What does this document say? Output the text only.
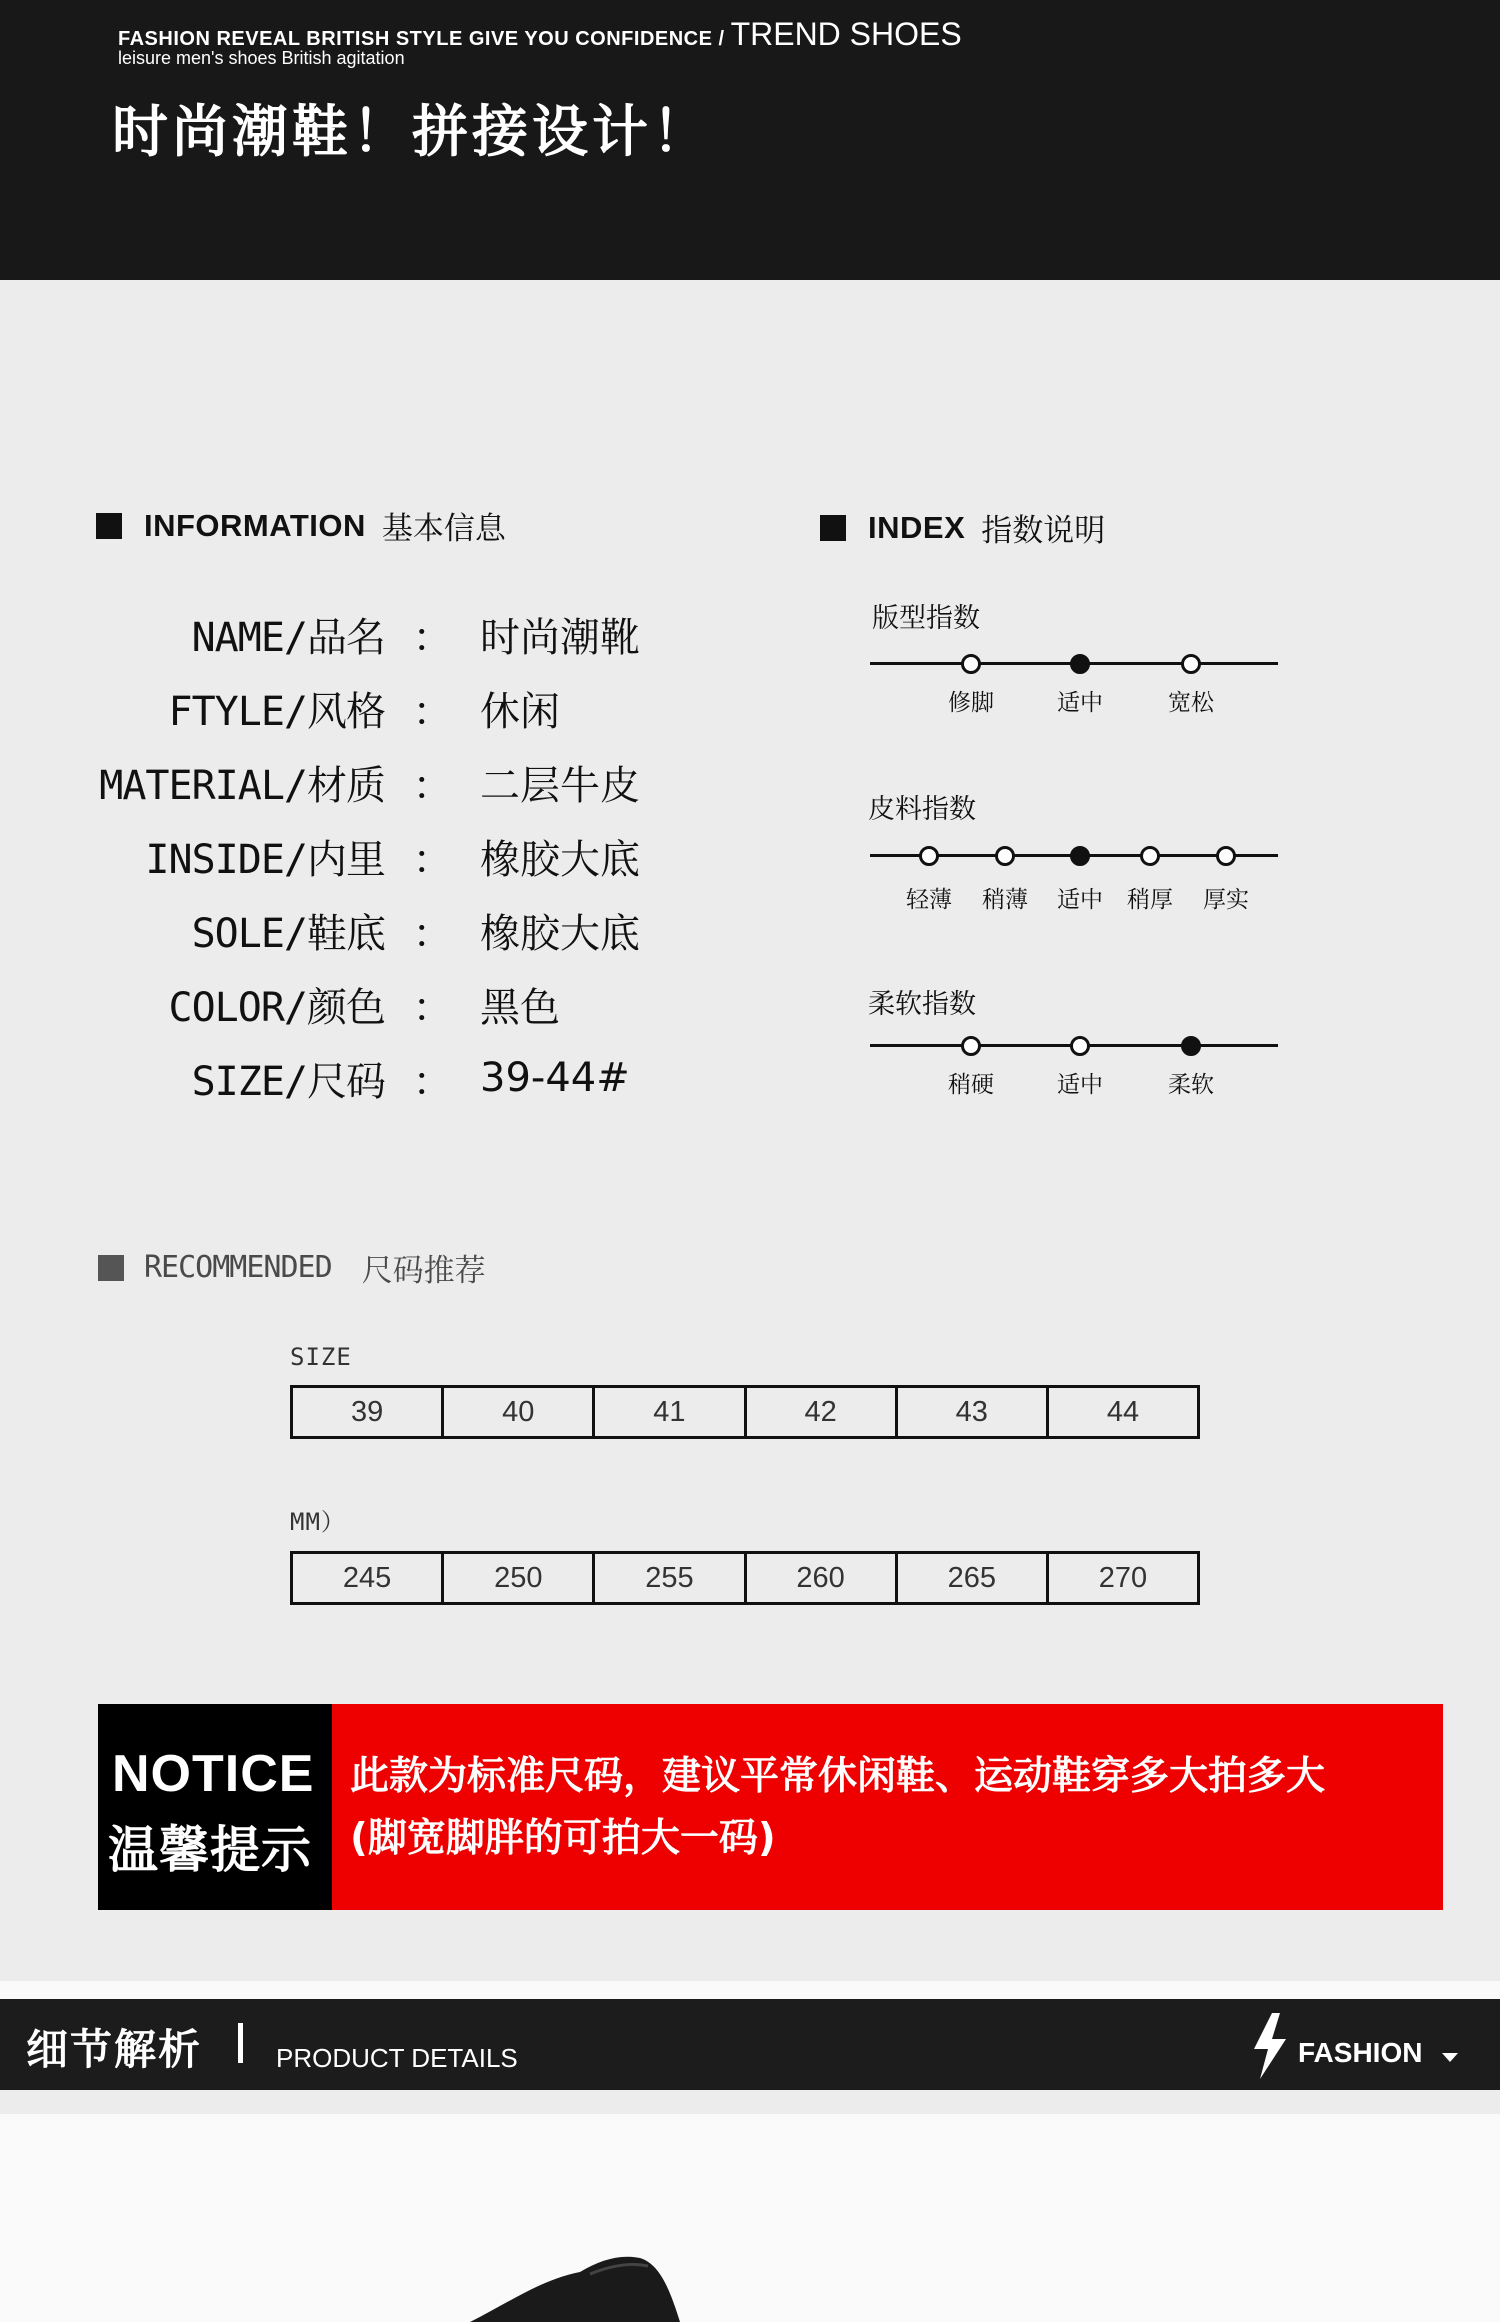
FASHION REVEAL BRITISH STYLE GIVE YOU CONFIDENCE / TREND SHOES
leisure men's shoes British agitation
时尚潮鞋！拼接设计！
INFORMATION 基本信息
NAME/品名 ： 时尚潮靴
FTYLE/风格 ： 休闲
MATERIAL/材质 ： 二层牛皮
INSIDE/内里 ： 橡胶大底
SOLE/鞋底 ： 橡胶大底
COLOR/颜色 ： 黑色
SIZE/尺码 ： 39-44#
INDEX 指数说明
版型指数
修脚	适中	宽松
皮料指数
轻薄 稍薄 适中 稍厚 厚实
柔软指数
稍硬	适中	柔软
RECOMMENDED 尺码推荐
SIZE
39	40	41	42	43	44
MM）
245	250	255	260	265	270
NOTICE
温馨提示
此款为标准尺码，建议平常休闲鞋、运动鞋穿多大拍多大
(脚宽脚胖的可拍大一码)
细节解析	PRODUCT DETAILS	FASHION
